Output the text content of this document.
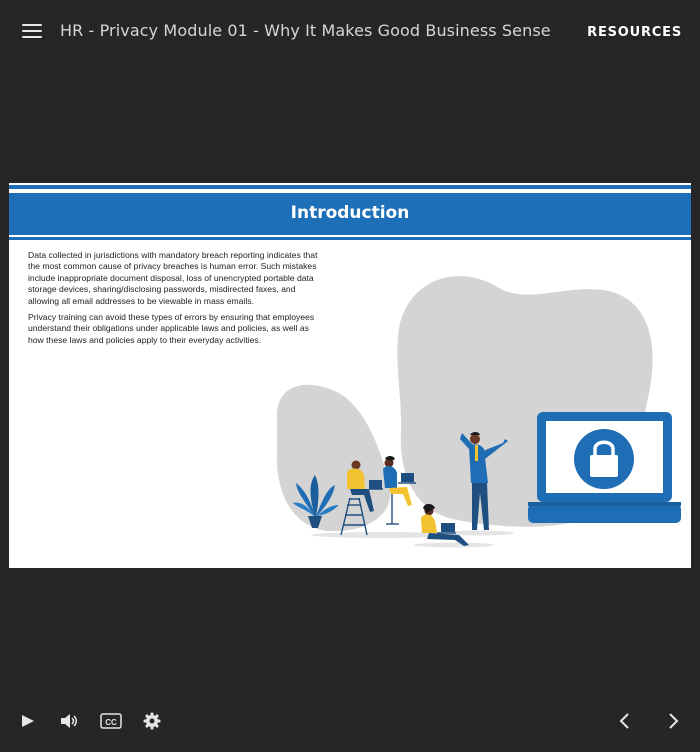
HR - Privacy Module 01 - Why It Makes Good Business Sense	RESOURCES
Introduction

Data collected in jurisdictions with mandatory breach reporting indicates that the most common cause of privacy breaches is human error. Such mistakes include inappropriate document disposal, loss of unencrypted portable data storage devices, sharing/disclosing passwords, misdirected faxes, and allowing all email addresses to be viewable in mass emails.

Privacy training can avoid these types of errors by ensuring that employees understand their obligations under applicable laws and policies, as well as how these laws and policies apply to their everyday activities.

CC
